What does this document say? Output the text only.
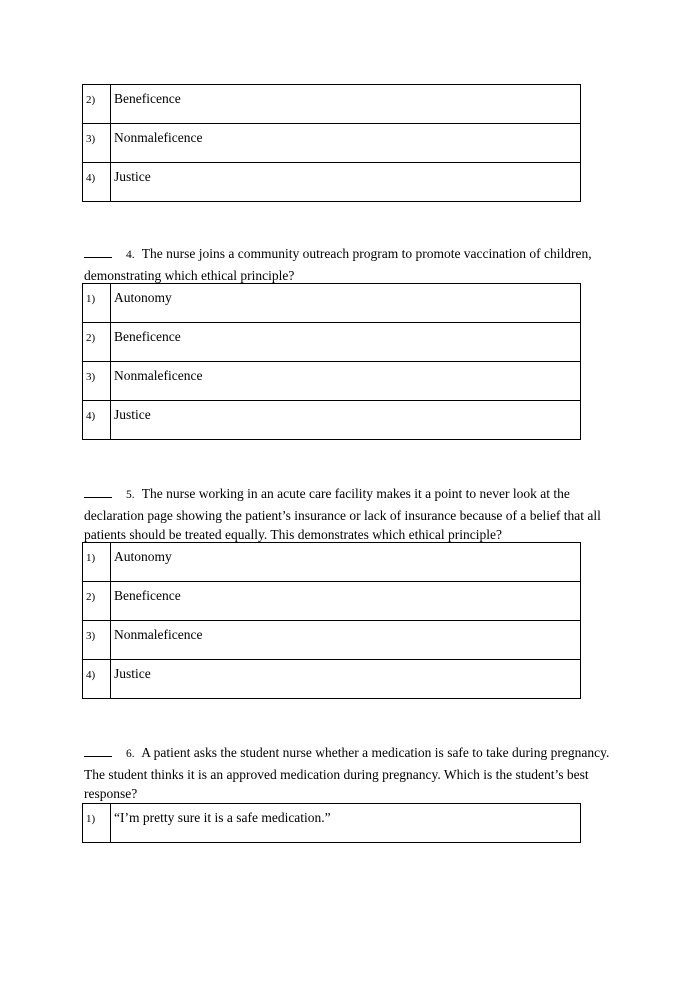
2)	Beneficence
3)	Nonmaleficence
4)	Justice
4. The nurse joins a community outreach program to promote vaccination of children, demonstrating which ethical principle?
1)	Autonomy
2)	Beneficence
3)	Nonmaleficence
4)	Justice
5. The nurse working in an acute care facility makes it a point to never look at the declaration page showing the patient’s insurance or lack of insurance because of a belief that all patients should be treated equally. This demonstrates which ethical principle?
1)	Autonomy
2)	Beneficence
3)	Nonmaleficence
4)	Justice
6. A patient asks the student nurse whether a medication is safe to take during pregnancy. The student thinks it is an approved medication during pregnancy. Which is the student’s best response?
1)	“I’m pretty sure it is a safe medication.”
